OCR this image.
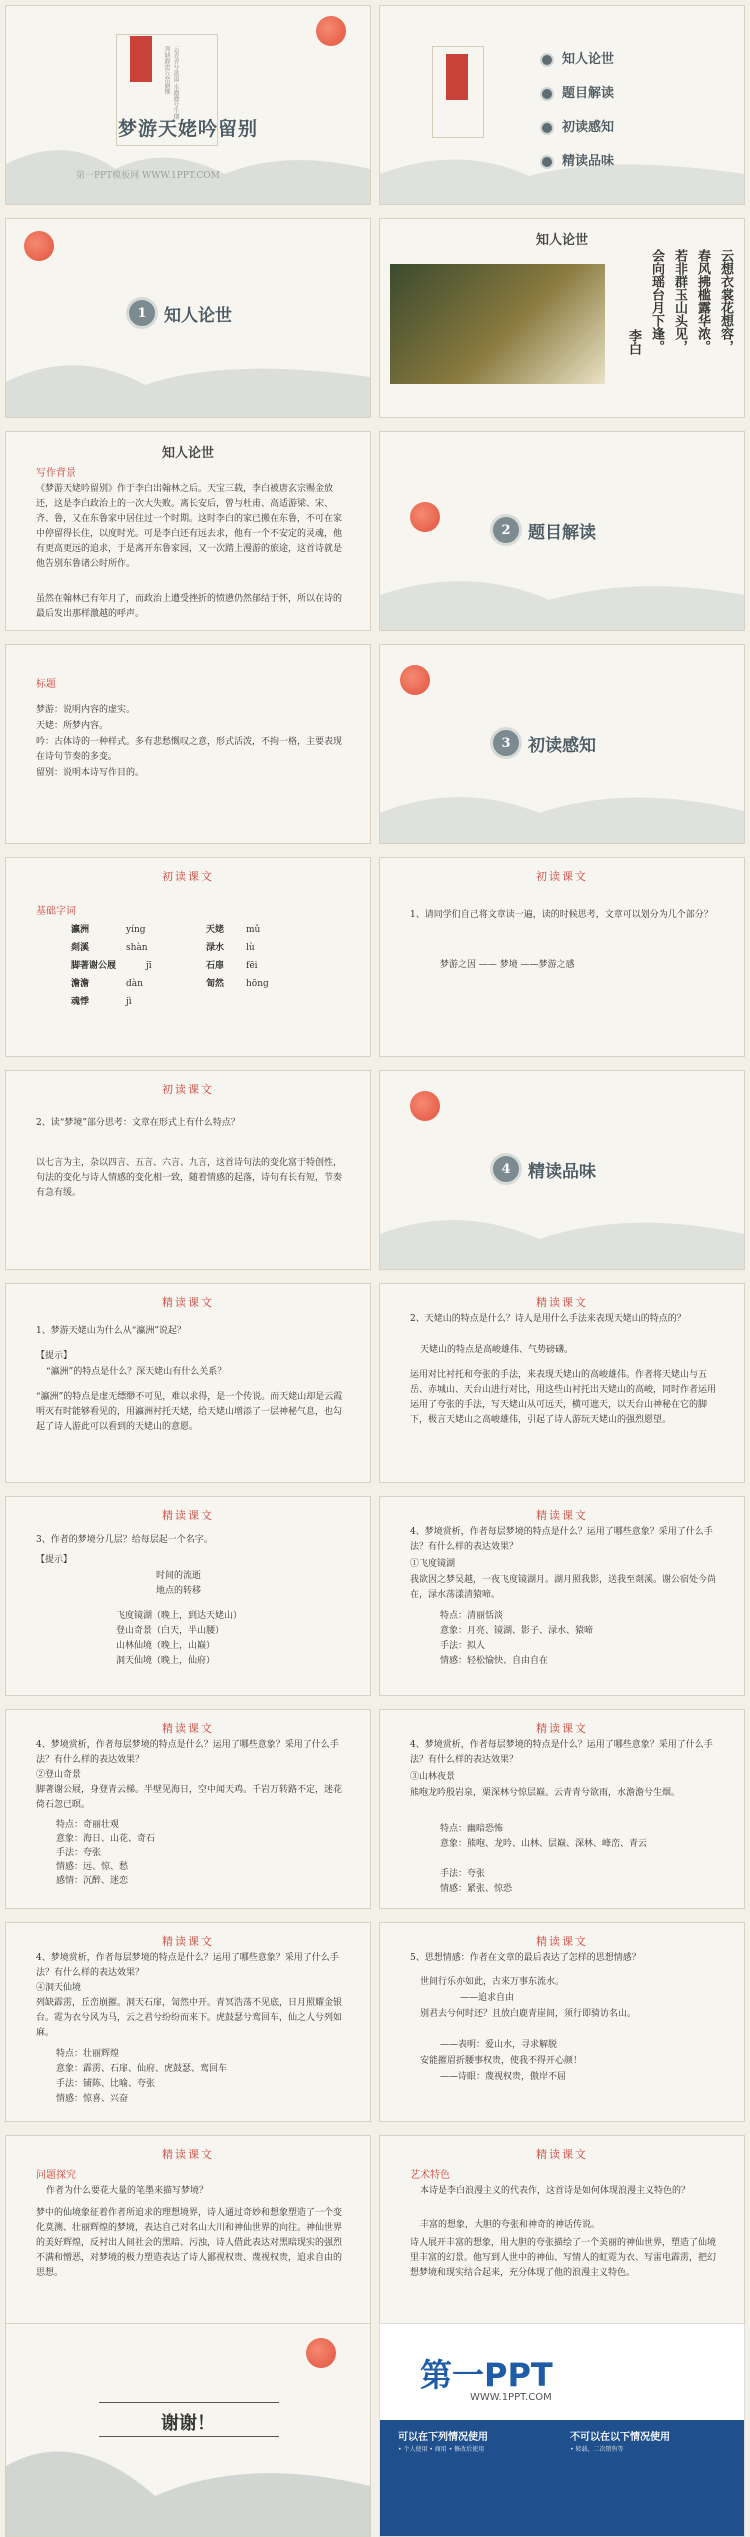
云青青兮欲雨 水澹澹兮生烟 列缺霹雳丘峦崩摧
梦游天姥吟留别
知人论世
题目解读
初读感知
精读品味
1	知人论世
知人论世
云想衣裳花想容，
春风拂槛露华浓。
若非群玉山头见，
会向瑶台月下逢。
李白
知人论世
写作背景
《梦游天姥吟留别》作于李白出翰林之后。天宝三载，李白被唐玄宗赐金放还，这是李白政治上的一次大失败。离长安后，曾与杜甫、高适游梁、宋、齐、鲁，又在东鲁家中居住过一个时期。这时李白的家已搬在东鲁，不可在家中停留得长住，以度时光。可是李白还有远去求，他有一个不安定的灵魂，他有更高更远的追求，于是离开东鲁家园，又一次踏上漫游的旅途，这首诗就是他告别东鲁诸公时所作。
虽然在翰林已有年月了，而政治上遭受挫折的愤懑仍然郁结于怀，所以在诗的最后发出那样激越的呼声。
2	题目解读
标题
梦游：说明内容的虚实。
天姥：所梦内容。
吟：古体诗的一种样式。多有悲愁慨叹之意，形式活泼，不拘一格，主要表现在诗句节奏的多变。
留别：说明本诗写作目的。
3	初读感知
初读课文
基础字词
瀛洲	yíng	天姥 mǔ
剡溪	shàn	渌水 lù
脚著谢公屐	jī	石扉 fēi
澹澹	dàn	訇然 hōng
魂悸	jì
初读课文
1、请同学们自己将文章读一遍，读的时候思考，文章可以划分为几个部分？
梦游之因 —— 梦境 ——梦游之感
初读课文
2、读“梦境”部分思考：文章在形式上有什么特点？
以七言为主，杂以四言、五言、六言、九言，这首诗句法的变化富于特创性，句法的变化与诗人情感的变化相一致，随着情感的起落，诗句有长有短，节奏有急有缓。
4	精读品味
精读课文
1、梦游天姥山为什么从“瀛洲”说起？
【提示】
“瀛洲”的特点是什么？深天姥山有什么关系？
“瀛洲”的特点是虚无缥缈不可见，难以求得，是一个传说。而天姥山却是云霞明灭有时能够看见的，用瀛洲衬托天姥，给天姥山增添了一层神秘气息，也勾起了诗人游此可以看到的天姥山的意愿。
精读课文
2、天姥山的特点是什么？诗人是用什么手法来表现天姥山的特点的？
天姥山的特点是高峻雄伟、气势磅礴。
运用对比衬托和夸张的手法，来表现天姥山的高峻雄伟。作者将天姥山与五岳、赤城山、天台山进行对比，用这些山衬托出天姥山的高峻，同时作者运用运用了夸张的手法，写天姥山从可远天，横可遮天，以天台山神秘在它的脚下，极言天姥山之高峻雄伟，引起了诗人游玩天姥山的强烈愿望。
精读课文
3、作者的梦境分几层？给每层起一个名字。
【提示】
时间的流逝
地点的转移
飞度镜湖（晚上，到达天姥山）
登山奇景（白天，半山腰）
山林仙境（晚上，山巅）
洞天仙境（晚上，仙府）
精读课文
4、梦境赏析，作者每层梦境的特点是什么？运用了哪些意象？采用了什么手法？有什么样的表达效果？
①飞度镜湖
我欲因之梦吴越，一夜飞度镜湖月。湖月照我影，送我至剡溪。谢公宿处今尚在，渌水荡漾清猿啼。
特点：清丽恬淡
意象：月亮、镜湖、影子、渌水、猿啼
手法：拟人
情感：轻松愉快、自由自在
精读课文
4、梦境赏析，作者每层梦境的特点是什么？运用了哪些意象？采用了什么手法？有什么样的表达效果？
②登山奇景
脚著谢公屐，身登青云梯。半壁见海日，空中闻天鸡。千岩万转路不定，迷花倚石忽已暝。
特点：奇丽壮观
意象：海日、山花、奇石
手法：夸张
情感：远、惊、愁
感情：沉醉、迷恋
精读课文
4、梦境赏析，作者每层梦境的特点是什么？运用了哪些意象？采用了什么手法？有什么样的表达效果？
③山林夜景
熊咆龙吟殷岩泉，栗深林兮惊层巅。云青青兮欲雨，水澹澹兮生烟。
特点：幽暗恐怖
意象：熊咆、龙吟、山林、层巅、深林、峰峦、青云
手法：夸张
情感：紧张、惊恐
精读课文
4、梦境赏析，作者每层梦境的特点是什么？运用了哪些意象？采用了什么手法？有什么样的表达效果？
④洞天仙境
列缺霹雳，丘峦崩摧。洞天石扉，訇然中开。青冥浩荡不见底，日月照耀金银台。霓为衣兮风为马，云之君兮纷纷而来下。虎鼓瑟兮鸾回车，仙之人兮列如麻。
特点：壮丽辉煌
意象：霹雳、石扉、仙府、虎鼓瑟、鸾回车
手法：铺陈、比喻、夸张
情感：惊喜、兴奋
精读课文
5、思想情感：作者在文章的最后表达了怎样的思想情感？
世间行乐亦如此，古来万事东流水。
——追求自由
别君去兮何时还？且放白鹿青崖间，须行即骑访名山。
——表明：爱山水，寻求解脱
安能摧眉折腰事权贵，使我不得开心颜！
——诗眼：蔑视权贵，傲岸不屈
精读课文
问题探究
作者为什么要花大量的笔墨来描写梦境？
梦中的仙境象征着作者所追求的理想境界，诗人通过奇妙和想象塑造了一个变化莫测、壮丽辉煌的梦境，表达自己对名山大川和神仙世界的向往。神仙世界的美好辉煌，反衬出人间社会的黑暗、污浊，诗人借此表达对黑暗现实的强烈不满和憎恶，对梦境的极力塑造表达了诗人鄙视权贵、蔑视权贵，追求自由的思想。
精读课文
艺术特色
本诗是李白浪漫主义的代表作，这首诗是如何体现浪漫主义特色的？
丰富的想象，大胆的夸张和神奇的神话传说。
诗人展开丰富的想象，用大胆的夸张描绘了一个美丽的神仙世界，塑造了仙境里丰富的幻景。他写到人世中的神仙、写情人的虹霓为衣、写雷电霹雳，把幻想梦境和现实结合起来，充分体现了他的浪漫主义特色。
谢谢！
第一PPT
WWW.1PPT.COM
可以在下列情况使用	不可以在以下情况使用
• 个人使用 • 商用 • 修改后使用	• 转载、二次销售等
